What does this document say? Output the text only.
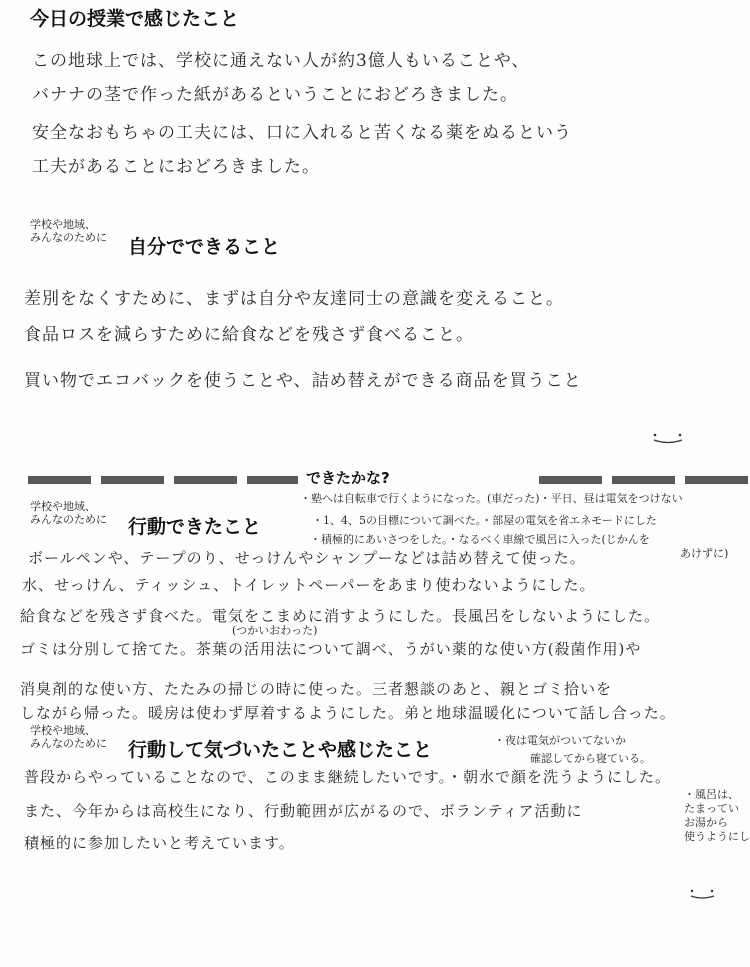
今日の授業で感じたこと
この地球上では、学校に通えない人が約3億人もいることや、
バナナの茎で作った紙があるということにおどろきました。
安全なおもちゃの工夫には、口に入れると苦くなる薬をぬるという
工夫があることにおどろきました。
学校や地域、
みんなのために 自分でできること
差別をなくすために、まずは自分や友達同士の意識を変えること。
食品ロスを減らすために給食などを残さず食べること。
買い物でエコバックを使うことや、詰め替えができる商品を買うこと
できたかな?
学校や地域、
みんなのために 行動できたこと
・塾へは自転車で行くようになった。(車だった)・平日、昼は電気をつけない
・1、4、5の目標について調べた。・部屋の電気を省エネモードにした
・積極的にあいさつをした。・なるべく車線で風呂に入った(じかんを
あけずに)
ボールペンや、テープのり、せっけんやシャンプーなどは詰め替えて使った。
水、せっけん、ティッシュ、トイレットペーパーをあまり使わないようにした。
給食などを残さず食べた。電気をこまめに消すようにした。長風呂をしないようにした。
(つかいおわった)
ゴミは分別して捨てた。茶葉の活用法について調べ、うがい薬的な使い方(殺菌作用)や
消臭剤的な使い方、たたみの掃じの時に使った。三者懇談のあと、親とゴミ拾いを
しながら帰った。暖房は使わず厚着するようにした。弟と地球温暖化について話し合った。
学校や地域、
みんなのために 行動して気づいたことや感じたこと	・夜は電気がついてないか
確認してから寝ている。
普段からやっていることなので、このまま継続したいです。・朝水で顔を洗うようにした。
また、今年からは高校生になり、行動範囲が広がるので、ボランティア活動に
積極的に参加したいと考えています。
・風呂は、
たまってい
お湯から
使うようにし
